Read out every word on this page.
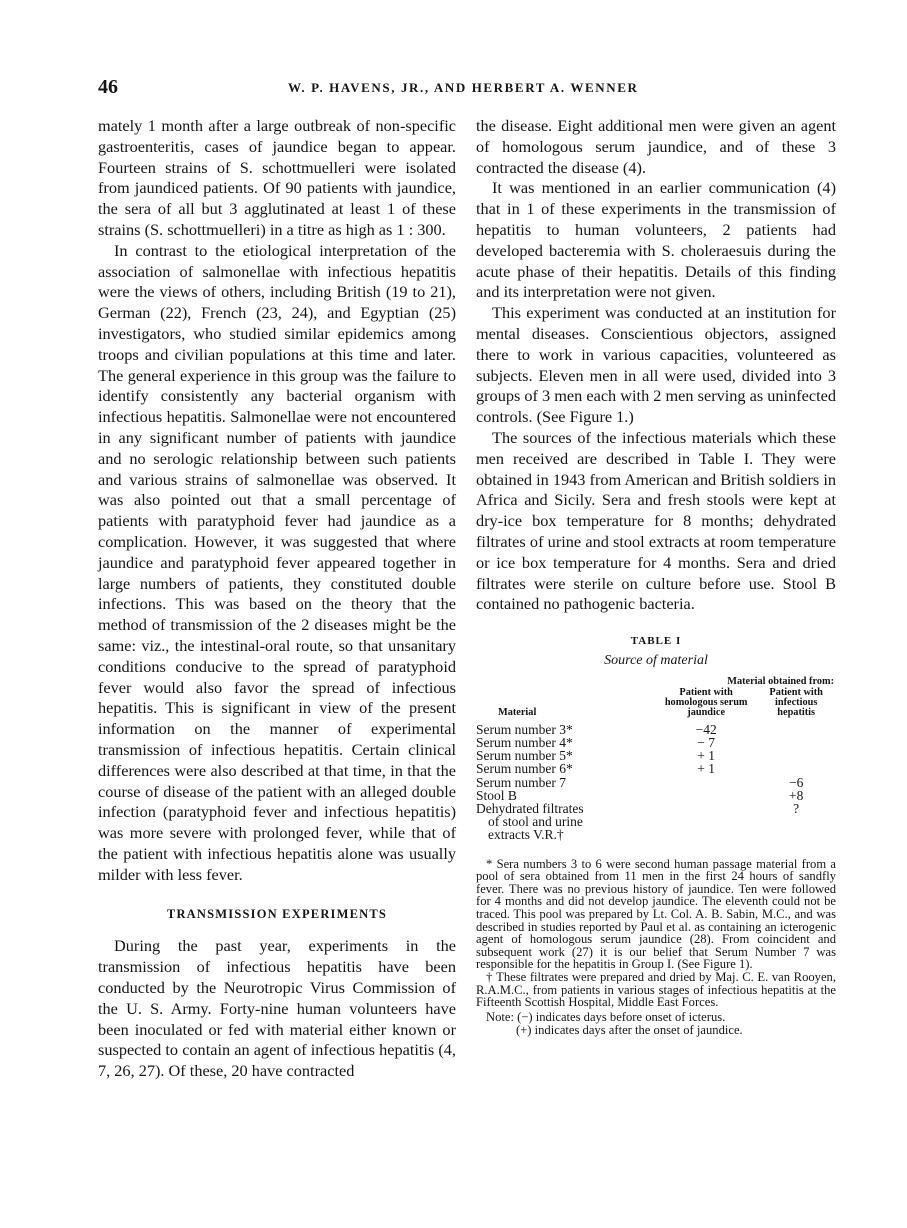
46	W. P. HAVENS, JR., AND HERBERT A. WENNER

mately 1 month after a large outbreak of non-specific gastroenteritis, cases of jaundice began to appear. Fourteen strains of S. schottmuelleri were isolated from jaundiced patients. Of 90 patients with jaundice, the sera of all but 3 agglutinated at least 1 of these strains (S. schottmuelleri) in a titre as high as 1 : 300.

In contrast to the etiological interpretation of the association of salmonellae with infectious hepatitis were the views of others, including British (19 to 21), German (22), French (23, 24), and Egyptian (25) investigators, who studied similar epidemics among troops and civilian populations at this time and later. The general experience in this group was the failure to identify consistently any bacterial organism with infectious hepatitis. Salmonellae were not encountered in any significant number of patients with jaundice and no serologic relationship between such patients and various strains of salmonellae was observed. It was also pointed out that a small percentage of patients with paratyphoid fever had jaundice as a complication. However, it was suggested that where jaundice and paratyphoid fever appeared together in large numbers of patients, they constituted double infections. This was based on the theory that the method of transmission of the 2 diseases might be the same: viz., the intestinal-oral route, so that unsanitary conditions conducive to the spread of paratyphoid fever would also favor the spread of infectious hepatitis. This is significant in view of the present information on the manner of experimental transmission of infectious hepatitis. Certain clinical differences were also described at that time, in that the course of disease of the patient with an alleged double infection (paratyphoid fever and infectious hepatitis) was more severe with prolonged fever, while that of the patient with infectious hepatitis alone was usually milder with less fever.

TRANSMISSION EXPERIMENTS

During the past year, experiments in the transmission of infectious hepatitis have been conducted by the Neurotropic Virus Commission of the U. S. Army. Forty-nine human volunteers have been inoculated or fed with material either known or suspected to contain an agent of infectious hepatitis (4, 7, 26, 27). Of these, 20 have contracted

the disease. Eight additional men were given an agent of homologous serum jaundice, and of these 3 contracted the disease (4).

It was mentioned in an earlier communication (4) that in 1 of these experiments in the transmission of hepatitis to human volunteers, 2 patients had developed bacteremia with S. choleraesuis during the acute phase of their hepatitis. Details of this finding and its interpretation were not given.

This experiment was conducted at an institution for mental diseases. Conscientious objectors, assigned there to work in various capacities, volunteered as subjects. Eleven men in all were used, divided into 3 groups of 3 men each with 2 men serving as uninfected controls. (See Figure 1.)

The sources of the infectious materials which these men received are described in Table I. They were obtained in 1943 from American and British soldiers in Africa and Sicily. Sera and fresh stools were kept at dry-ice box temperature for 8 months; dehydrated filtrates of urine and stool extracts at room temperature or ice box temperature for 4 months. Sera and dried filtrates were sterile on culture before use. Stool B contained no pathogenic bacteria.

TABLE I
Source of material
	Material obtained from:	
Material	Patient with homologous serum jaundice	Patient with infectious hepatitis
Serum number 3*	−42	
Serum number 4*	− 7	
Serum number 5*	+ 1	
Serum number 6*	+ 1	
Serum number 7		−6
Stool B		+8
Dehydrated filtrates		?
of stool and urine		
extracts V.R.†		

* Sera numbers 3 to 6 were second human passage material from a pool of sera obtained from 11 men in the first 24 hours of sandfly fever. There was no previous history of jaundice. Ten were followed for 4 months and did not develop jaundice. The eleventh could not be traced. This pool was prepared by Lt. Col. A. B. Sabin, M.C., and was described in studies reported by Paul et al. as containing an icterogenic agent of homologous serum jaundice (28). From coincident and subsequent work (27) it is our belief that Serum Number 7 was responsible for the hepatitis in Group I. (See Figure 1).

† These filtrates were prepared and dried by Maj. C. E. van Rooyen, R.A.M.C., from patients in various stages of infectious hepatitis at the Fifteenth Scottish Hospital, Middle East Forces.

Note: (−) indicates days before onset of icterus.
(+) indicates days after the onset of jaundice.
